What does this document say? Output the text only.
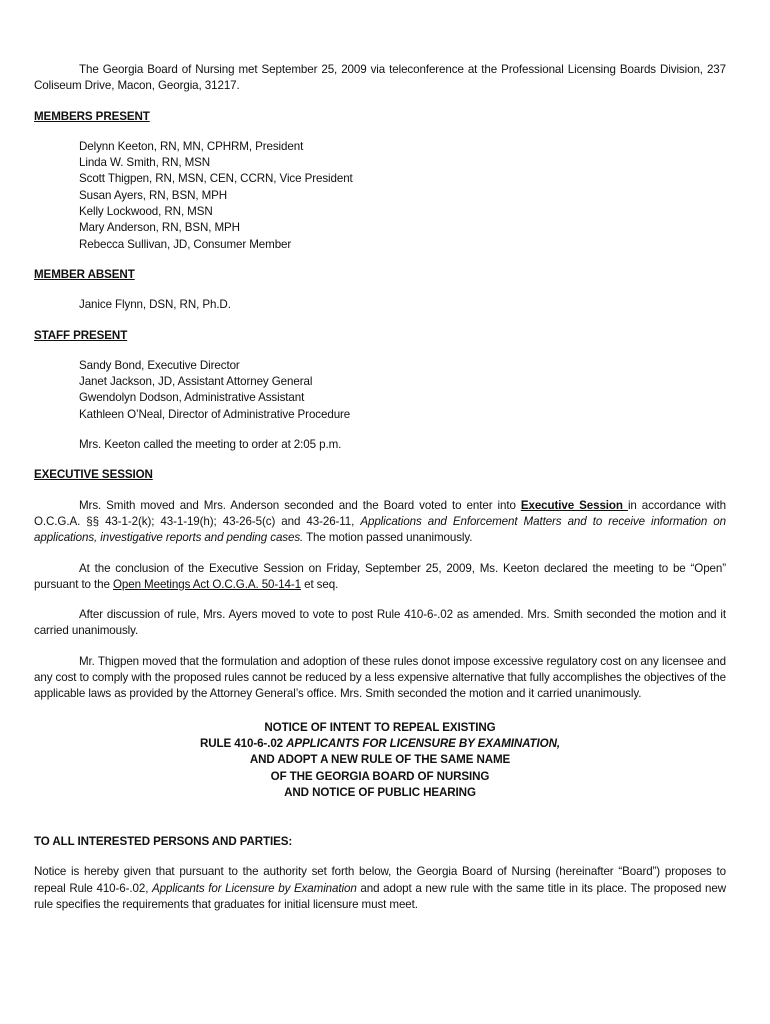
The Georgia Board of Nursing met September 25, 2009 via teleconference at the Professional Licensing Boards Division, 237 Coliseum Drive, Macon, Georgia, 31217.

MEMBERS PRESENT

Delynn Keeton, RN, MN, CPHRM, President
Linda W. Smith, RN, MSN
Scott Thigpen, RN, MSN, CEN, CCRN, Vice President
Susan Ayers, RN, BSN, MPH
Kelly Lockwood, RN, MSN
Mary Anderson, RN, BSN, MPH
Rebecca Sullivan, JD, Consumer Member

MEMBER ABSENT

Janice Flynn, DSN, RN, Ph.D.

STAFF PRESENT

Sandy Bond, Executive Director
Janet Jackson, JD, Assistant Attorney General
Gwendolyn Dodson, Administrative Assistant
Kathleen O’Neal, Director of Administrative Procedure

Mrs. Keeton called the meeting to order at 2:05 p.m.

EXECUTIVE SESSION

Mrs. Smith moved and Mrs. Anderson seconded and the Board voted to enter into Executive Session in accordance with O.C.G.A. §§ 43-1-2(k); 43-1-19(h); 43-26-5(c) and 43-26-11, Applications and Enforcement Matters and to receive information on applications, investigative reports and pending cases. The motion passed unanimously.

At the conclusion of the Executive Session on Friday, September 25, 2009, Ms. Keeton declared the meeting to be “Open” pursuant to the Open Meetings Act O.C.G.A. 50-14-1 et seq.

After discussion of rule, Mrs. Ayers moved to vote to post Rule 410-6-.02 as amended. Mrs. Smith seconded the motion and it carried unanimously.

Mr. Thigpen moved that the formulation and adoption of these rules donot impose excessive regulatory cost on any licensee and any cost to comply with the proposed rules cannot be reduced by a less expensive alternative that fully accomplishes the objectives of the applicable laws as provided by the Attorney General’s office. Mrs. Smith seconded the motion and it carried unanimously.

NOTICE OF INTENT TO REPEAL EXISTING
RULE 410-6-.02 APPLICANTS FOR LICENSURE BY EXAMINATION,
AND ADOPT A NEW RULE OF THE SAME NAME
OF THE GEORGIA BOARD OF NURSING
AND NOTICE OF PUBLIC HEARING

TO ALL INTERESTED PERSONS AND PARTIES:

Notice is hereby given that pursuant to the authority set forth below, the Georgia Board of Nursing (hereinafter “Board”) proposes to repeal Rule 410-6-.02, Applicants for Licensure by Examination and adopt a new rule with the same title in its place. The proposed new rule specifies the requirements that graduates for initial licensure must meet.
